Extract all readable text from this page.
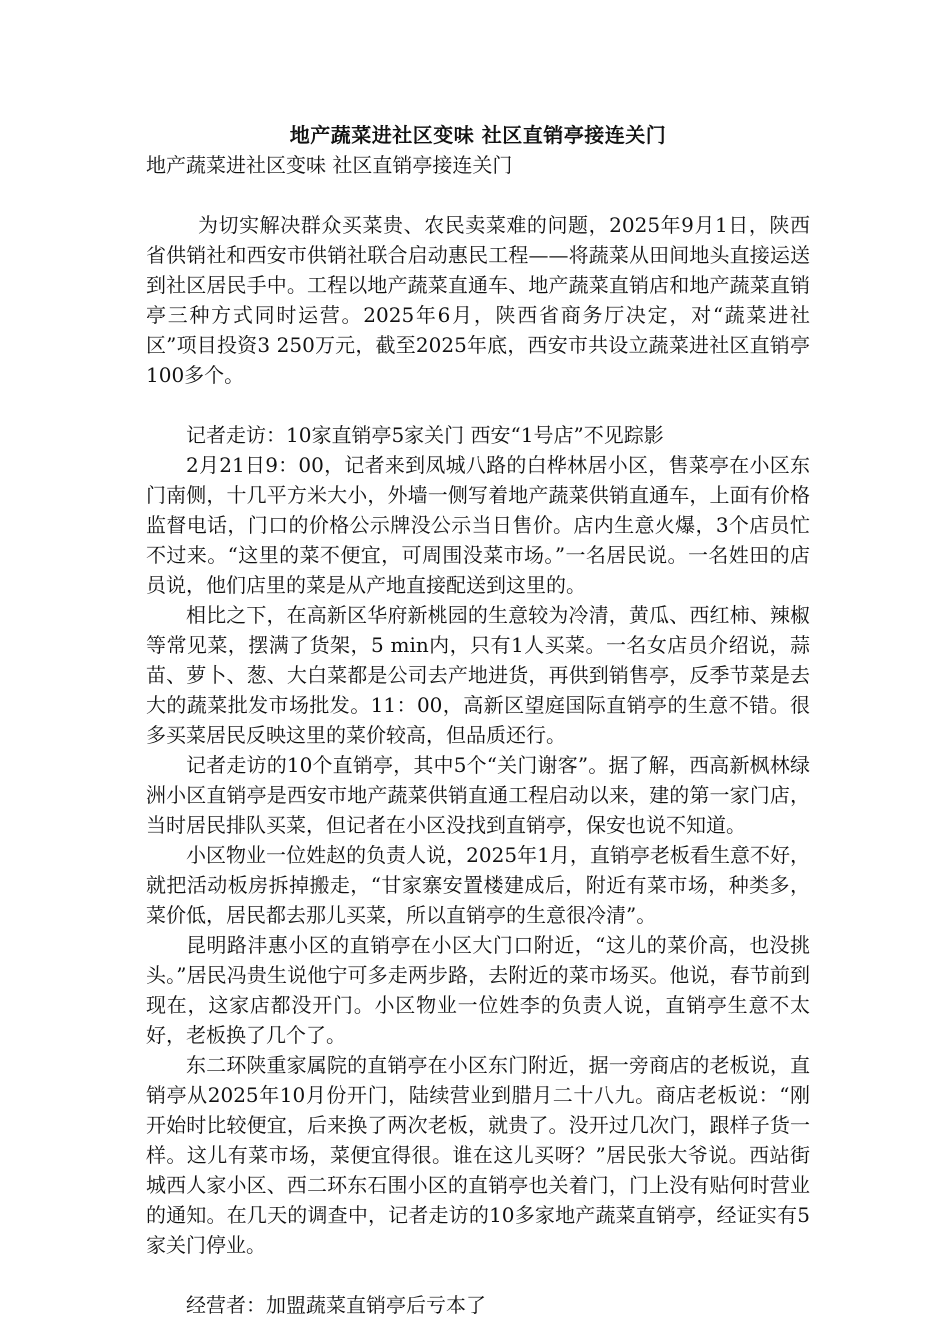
地产蔬菜进社区变味 社区直销亭接连关门

地产蔬菜进社区变味 社区直销亭接连关门

为切实解决群众买菜贵、农民卖菜难的问题，2025年9月1日，陕西省供销社和西安市供销社联合启动惠民工程——将蔬菜从田间地头直接运送到社区居民手中。工程以地产蔬菜直通车、地产蔬菜直销店和地产蔬菜直销亭三种方式同时运营。2025年6月，陕西省商务厅决定，对“蔬菜进社区”项目投资3 250万元，截至2025年底，西安市共设立蔬菜进社区直销亭100多个。

记者走访：10家直销亭5家关门 西安“1号店”不见踪影

2月21日9：00，记者来到凤城八路的白桦林居小区，售菜亭在小区东门南侧，十几平方米大小，外墙一侧写着地产蔬菜供销直通车，上面有价格监督电话，门口的价格公示牌没公示当日售价。店内生意火爆，3个店员忙不过来。“这里的菜不便宜，可周围没菜市场。”一名居民说。一名姓田的店员说，他们店里的菜是从产地直接配送到这里的。

相比之下，在高新区华府新桃园的生意较为冷清，黄瓜、西红柿、辣椒等常见菜，摆满了货架，5 min内，只有1人买菜。一名女店员介绍说，蒜苗、萝卜、葱、大白菜都是公司去产地进货，再供到销售亭，反季节菜是去大的蔬菜批发市场批发。11：00，高新区望庭国际直销亭的生意不错。很多买菜居民反映这里的菜价较高，但品质还行。

记者走访的10个直销亭，其中5个“关门谢客”。据了解，西高新枫林绿洲小区直销亭是西安市地产蔬菜供销直通工程启动以来，建的第一家门店，当时居民排队买菜，但记者在小区没找到直销亭，保安也说不知道。

小区物业一位姓赵的负责人说，2025年1月，直销亭老板看生意不好，就把活动板房拆掉搬走，“甘家寨安置楼建成后，附近有菜市场，种类多，菜价低，居民都去那儿买菜，所以直销亭的生意很冷清”。

昆明路沣惠小区的直销亭在小区大门口附近，“这儿的菜价高，也没挑头。”居民冯贵生说他宁可多走两步路，去附近的菜市场买。他说，春节前到现在，这家店都没开门。小区物业一位姓李的负责人说，直销亭生意不太好，老板换了几个了。

东二环陕重家属院的直销亭在小区东门附近，据一旁商店的老板说，直销亭从2025年10月份开门，陆续营业到腊月二十八九。商店老板说：“刚开始时比较便宜，后来换了两次老板，就贵了。没开过几次门，跟样子货一样。这儿有菜市场，菜便宜得很。谁在这儿买呀？”居民张大爷说。西站街城西人家小区、西二环东石围小区的直销亭也关着门，门上没有贴何时营业的通知。在几天的调查中，记者走访的10多家地产蔬菜直销亭，经证实有5家关门停业。

经营者：加盟蔬菜直销亭后亏本了
